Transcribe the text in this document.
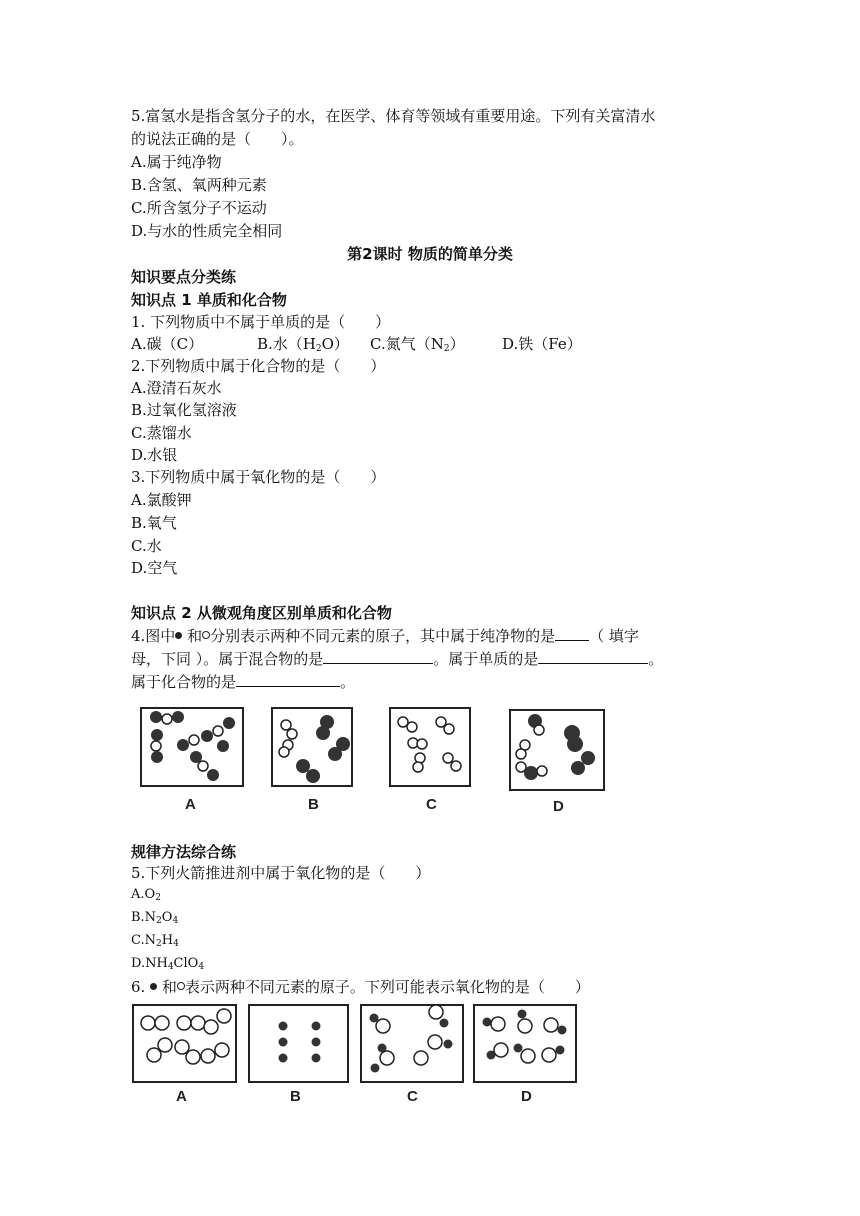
5.富氢水是指含氢分子的水，在医学、体育等领域有重要用途。下列有关富清水
的说法正确的是（　　）。
A.属于纯净物
B.含氢、氧两种元素
C.所含氢分子不运动
D.与水的性质完全相同
第2课时 物质的简单分类
知识要点分类练
知识点 1 单质和化合物
1. 下列物质中不属于单质的是（　　）
A.碳（C）	B.水$(H_2O)$ C.氮气$(N_2)$ D.铁（Fe）
2.下列物质中属于化合物的是（　　）
A.澄清石灰水
B.过氧化氢溶液
C.蒸馏水
D.水银
3.下列物质中属于氧化物的是（　　）
A.氯酸钾
B.氧气
C.水
D.空气
知识点 2 从微观角度区别单质和化合物
4.图中 和 分别表示两种不同元素的原子，其中属于纯净物的是 （ 填字
母，下同 ）。属于混合物的是	。属于单质的是	。
属于化合物的是	。
A	B	C	D
规律方法综合练
5.下列火箭推进剂中属于氧化物的是（　　）
$A.O_2$
$B.N_2O_4$
$C.N_2H_4$
$D.NH_4ClO_4$
6. 和 表示两种不同元素的原子。下列可能表示氧化物的是（　　）
A	B	C	D
